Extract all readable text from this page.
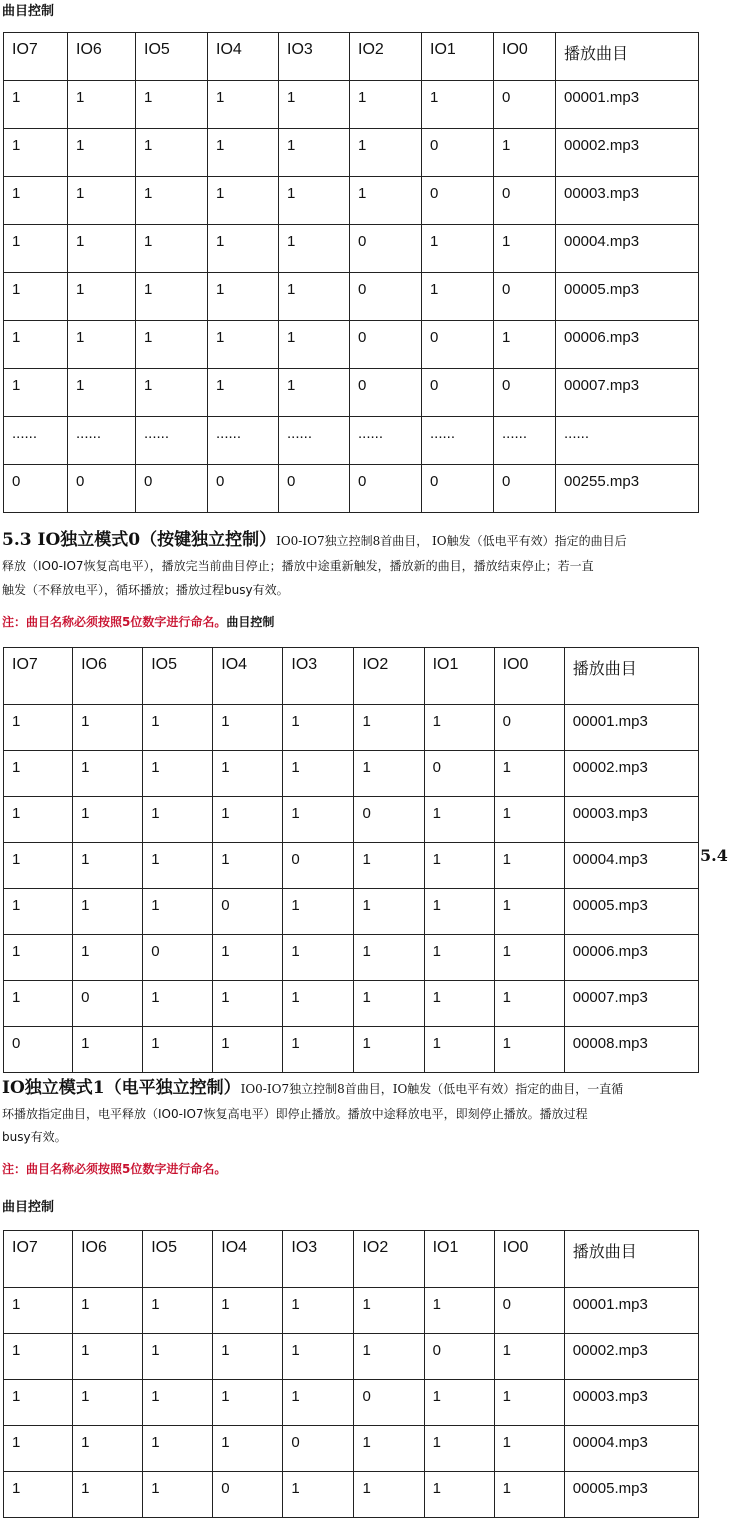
曲目控制
IO7	IO6	IO5	IO4	IO3	IO2	IO1	IO0	播放曲目
1	1	1	1	1	1	1	0	00001.mp3
1	1	1	1	1	1	0	1	00002.mp3
1	1	1	1	1	1	0	0	00003.mp3
1	1	1	1	1	0	1	1	00004.mp3
1	1	1	1	1	0	1	0	00005.mp3
1	1	1	1	1	0	0	1	00006.mp3
1	1	1	1	1	0	0	0	00007.mp3
......	......	......	......	......	......	......	......	......
0	0	0	0	0	0	0	0	00255.mp3
5.3 IO独立模式0（按键独立控制）IO0-IO7独立控制8首曲目， IO触发（低电平有效）指定的曲目后
释放（IO0-IO7恢复高电平），播放完当前曲目停止；播放中途重新触发，播放新的曲目，播放结束停止；若一直
触发（不释放电平），循环播放；播放过程busy有效。
注：曲目名称必须按照5位数字进行命名。曲目控制
IO7	IO6	IO5	IO4	IO3	IO2	IO1	IO0	播放曲目
1	1	1	1	1	1	1	0	00001.mp3
1	1	1	1	1	1	0	1	00002.mp3
1	1	1	1	1	0	1	1	00003.mp3
1	1	1	1	0	1	1	1	00004.mp3
1	1	1	0	1	1	1	1	00005.mp3
1	1	0	1	1	1	1	1	00006.mp3
1	0	1	1	1	1	1	1	00007.mp3
0	1	1	1	1	1	1	1	00008.mp3
5.4
IO独立模式1（电平独立控制）IO0-IO7独立控制8首曲目，IO触发（低电平有效）指定的曲目，一直循
环播放指定曲目，电平释放（IO0-IO7恢复高电平）即停止播放。播放中途释放电平，即刻停止播放。播放过程
busy有效。
注：曲目名称必须按照5位数字进行命名。
曲目控制
IO7	IO6	IO5	IO4	IO3	IO2	IO1	IO0	播放曲目
1	1	1	1	1	1	1	0	00001.mp3
1	1	1	1	1	1	0	1	00002.mp3
1	1	1	1	1	0	1	1	00003.mp3
1	1	1	1	0	1	1	1	00004.mp3
1	1	1	0	1	1	1	1	00005.mp3
